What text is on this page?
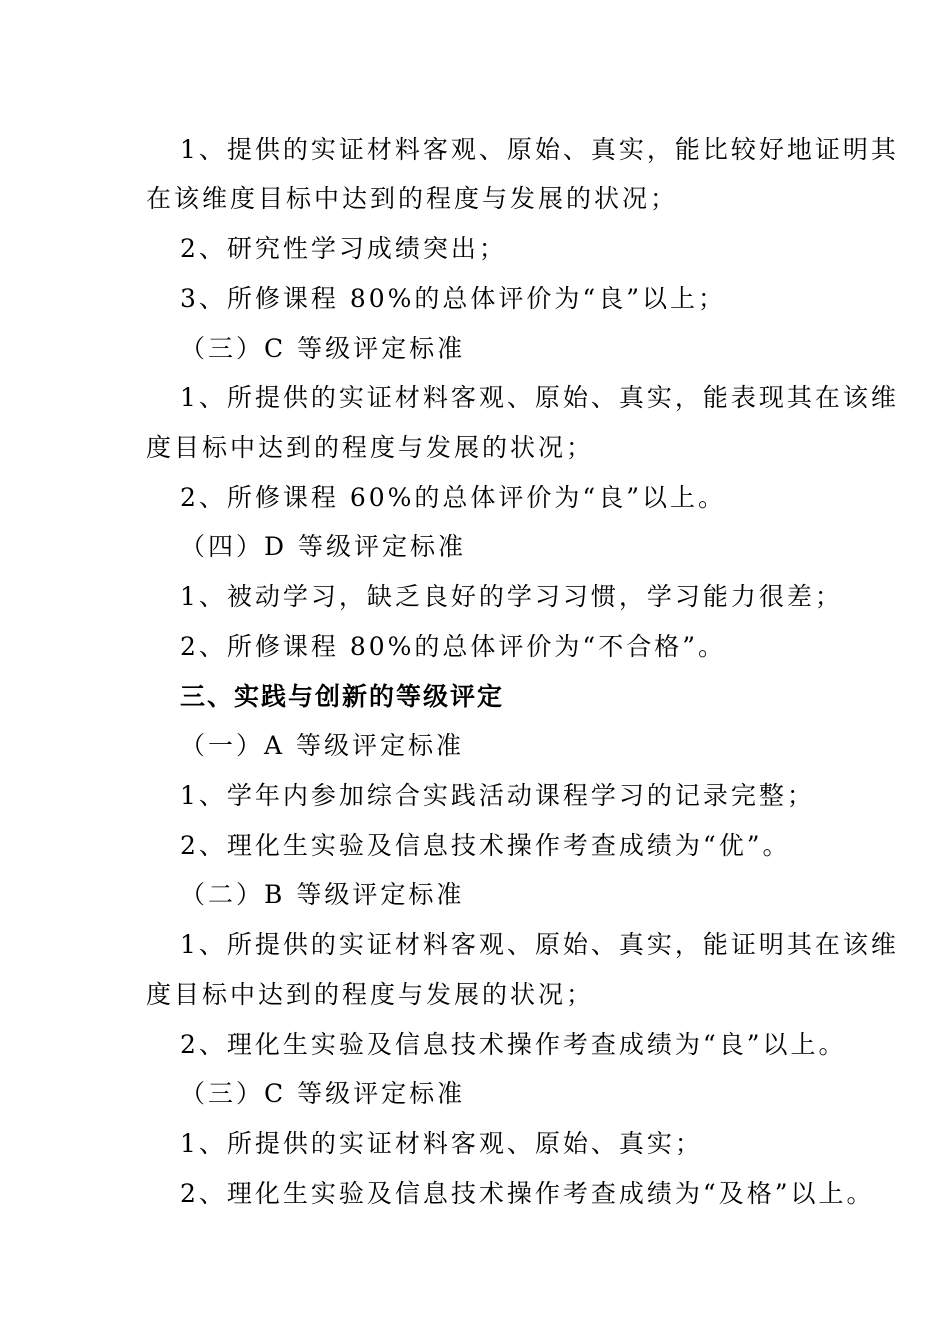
1、提供的实证材料客观、原始、真实，能比较好地证明其
在该维度目标中达到的程度与发展的状况；
2、研究性学习成绩突出；
3、所修课程 80%的总体评价为“良”以上；
（三）C 等级评定标准
1、所提供的实证材料客观、原始、真实，能表现其在该维
度目标中达到的程度与发展的状况；
2、所修课程 60%的总体评价为“良”以上。
（四）D 等级评定标准
1、被动学习，缺乏良好的学习习惯，学习能力很差；
2、所修课程 80%的总体评价为“不合格”。
三、实践与创新的等级评定
（一）A 等级评定标准
1、学年内参加综合实践活动课程学习的记录完整；
2、理化生实验及信息技术操作考查成绩为“优”。
（二）B 等级评定标准
1、所提供的实证材料客观、原始、真实，能证明其在该维
度目标中达到的程度与发展的状况；
2、理化生实验及信息技术操作考查成绩为“良”以上。
（三）C 等级评定标准
1、所提供的实证材料客观、原始、真实；
2、理化生实验及信息技术操作考查成绩为“及格”以上。
